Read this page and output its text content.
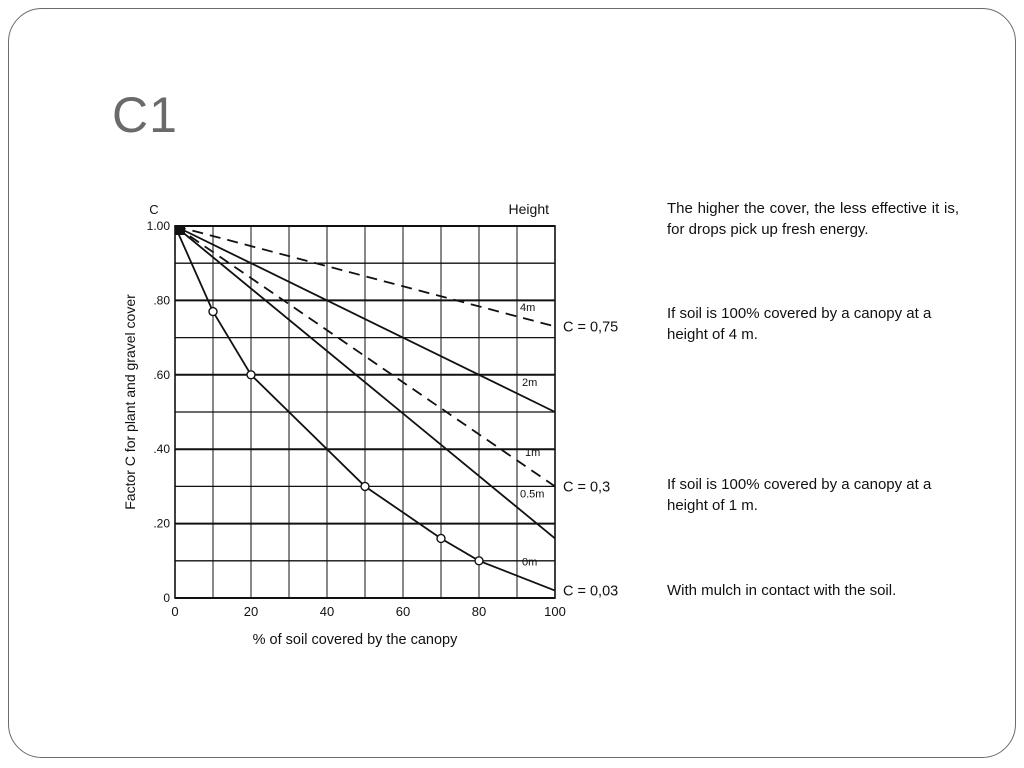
C1
0	20	40	60	80	100
0
.20
.40
.60
.80
1.00
C
Factor C for plant and gravel cover
% of soil covered by the canopy
Height
4m
2m
1m
0.5m
0m
C = 0,75
C = 0,3
C = 0,03
The higher the cover, the less effective it is, for drops pick up fresh energy.
If soil is 100% covered by a canopy at a height of 4 m.
If soil is 100% covered by a canopy at a height of 1 m.
With mulch in contact with the soil.
